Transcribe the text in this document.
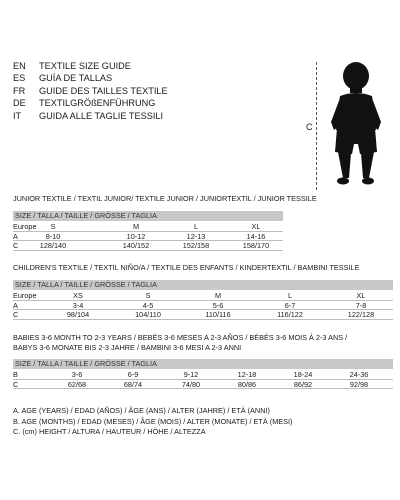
EN	TEXTILE SIZE GUIDE
ES	GUÍA DE TALLAS
FR	GUIDE DES TAILLES TEXTILE
DE	TEXTILGRÖßENFÜHRUNG
IT	GUIDA ALLE TAGLIE TESSILI
C
JUNIOR TEXTILE / TEXTIL JUNIOR/ TEXTILE JUNIOR / JUNIORTEXTIL / JUNIOR TESSILE
SIZE / TALLA / TAILLE / GRÖSSE / TAGLIA
Europe	S	M	L	XL
A	8-10	10-12	12-13	14-16
C	128/140	140/152	152/158	158/170
CHILDREN'S TEXTILE / TEXTIL NIÑO/A / TEXTILE DES ENFANTS / KINDERTEXTIL / BAMBINI TESSILE
SIZE / TALLA / TAILLE / GRÖSSE / TAGLIA
Europe	XS	S	M	L	XL
A	3-4	4-5	5-6	6-7	7-8
C	98/104	104/110	110/116	116/122	122/128
BABIES 3-6 MONTH TO 2-3 YEARS / BEBÉS 3-6 MESES A 2-3 AÑOS / BÉBÉS 3-6 MOIS À 2-3 ANS /
BABYS 3-6 MONATE BIS 2-3 JAHRE / BAMBINI 3-6 MESI A 2-3 ANNI
SIZE / TALLA / TAILLE / GRÖSSE / TAGLIA
B	3-6	6-9	9-12	12-18	18-24	24-36
C	62/68	68/74	74/80	80/86	86/92	92/98
A. AGE (YEARS) / EDAD (AÑOS) / ÂGE (ANS) / ALTER (JAHRE) / ETÀ (ANNI)
B. AGE (MONTHS) / EDAD (MESES) / ÂGE (MOIS) / ALTER (MONATE) / ETÀ (MESI)
C. (cm) HEIGHT / ALTURA / HAUTEUR / HÖHE / ALTEZZA
